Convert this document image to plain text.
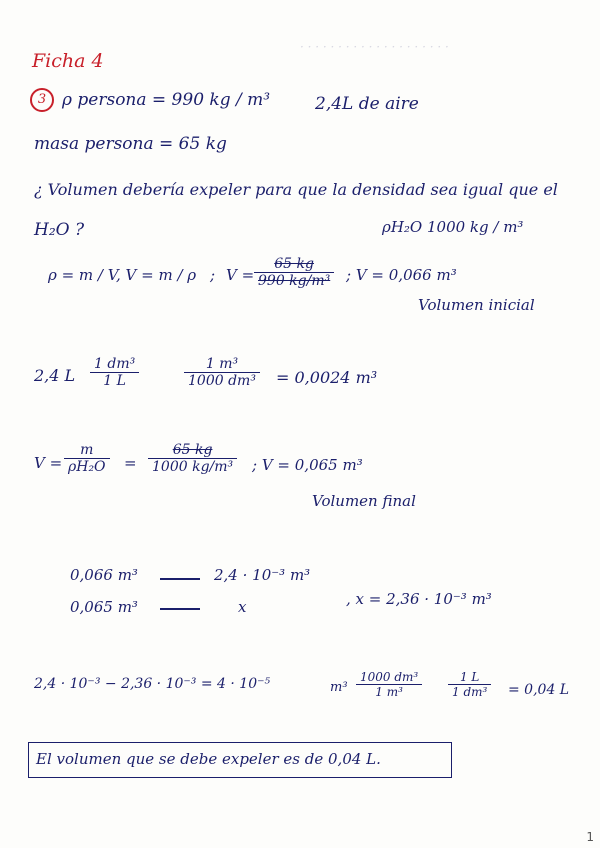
· · · · · · · · · · · · · · · · · · · ·
Ficha 4
3 ρ persona = 990 kg / m³	2,4L de aire
masa persona = 65 kg
¿ Volumen debería expeler para que la densidad sea igual que el
H₂O ?	ρH₂O 1000 kg / m³
ρ = m / V
, V = m / ρ ; V =
65 kg
990 kg/m³ ; V = 0,066 m³
Volumen inicial
2,4 L
1 dm³
1 L
1 m³
1000 dm³ = 0,0024 m³
V =
m
ρH₂O =
65 kg
1000 kg/m³ ; V = 0,065 m³
Volumen final
0,066 m³	2,4 · 10⁻³ m³
0,065 m³	x	, x = 2,36 · 10⁻³ m³
2,4 · 10⁻³ − 2,36 · 10⁻³ = 4 · 10⁻⁵	m³
1000 dm³
1 m³
1 L
1 dm³ = 0,04 L
El volumen que se debe expeler es de 0,04 L.
1
